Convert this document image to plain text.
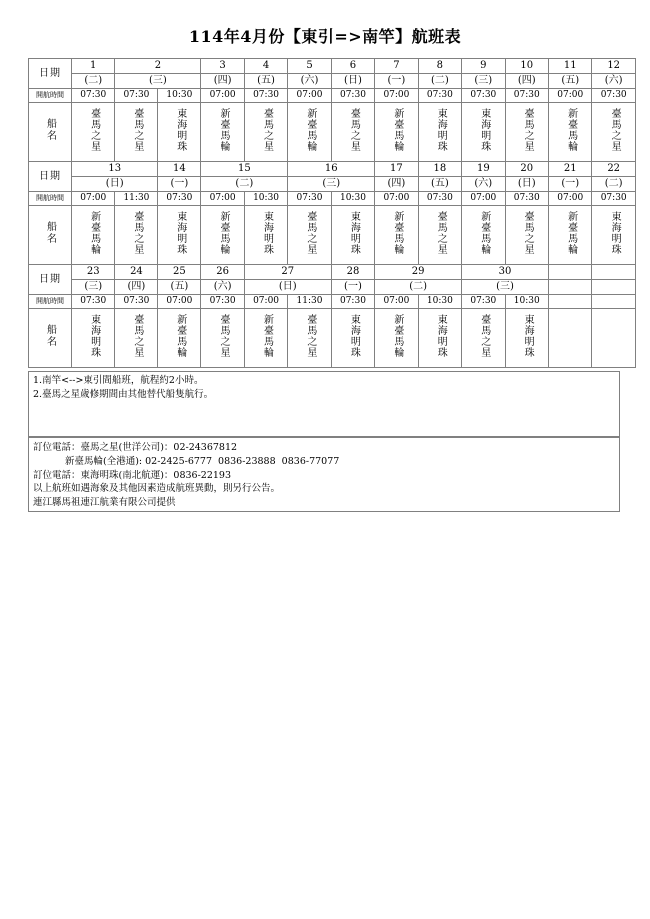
114年4月份【東引=>南竿】航班表
日期	1	2		3	4	5	6	7	8	9	10	11	12
	(二)	(三)		(四)	(五)	(六)	(日)	(一)	(二)	(三)	(四)	(五)	(六)
開航時間	07:30	07:30	10:30	07:00	07:30	07:00	07:30	07:00	07:30	07:30	07:30	07:00	07:30
船名	臺馬之星	臺馬之星	東海明珠	新臺馬輪	臺馬之星	新臺馬輪	臺馬之星	新臺馬輪	東海明珠	東海明珠	臺馬之星	新臺馬輪	臺馬之星
日期	13		14	15		16		17	18	19	20	21	22
	(日)		(一)	(二)		(三)		(四)	(五)	(六)	(日)	(一)	(二)
開航時間	07:00	11:30	07:30	07:00	10:30	07:30	10:30	07:00	07:30	07:00	07:30	07:00	07:30
船名	新臺馬輪	臺馬之星	東海明珠	新臺馬輪	東海明珠	臺馬之星	東海明珠	新臺馬輪	臺馬之星	新臺馬輪	臺馬之星	新臺馬輪	東海明珠
日期	23	24	25	26	27		28	29		30			
	(三)	(四)	(五)	(六)	(日)		(一)	(二)		(三)			
開航時間	07:30	07:30	07:00	07:30	07:00	11:30	07:30	07:00	10:30	07:30	10:30		
船名	東海明珠	臺馬之星	新臺馬輪	臺馬之星	新臺馬輪	臺馬之星	東海明珠	新臺馬輪	東海明珠	臺馬之星	東海明珠		
1.南竿<-->東引間船班，航程約2小時。
2.臺馬之星歲修期間由其他替代船隻航行。
訂位電話：臺馬之星(世洋公司)：02-24367812
新臺馬輪(全港通): 02-2425-6777  0836-23888  0836-77077
訂位電話：東海明珠(南北航運)：0836-22193
以上航班如遇海象及其他因素造成航班異動，則另行公告。
連江縣馬祖連江航業有限公司提供
